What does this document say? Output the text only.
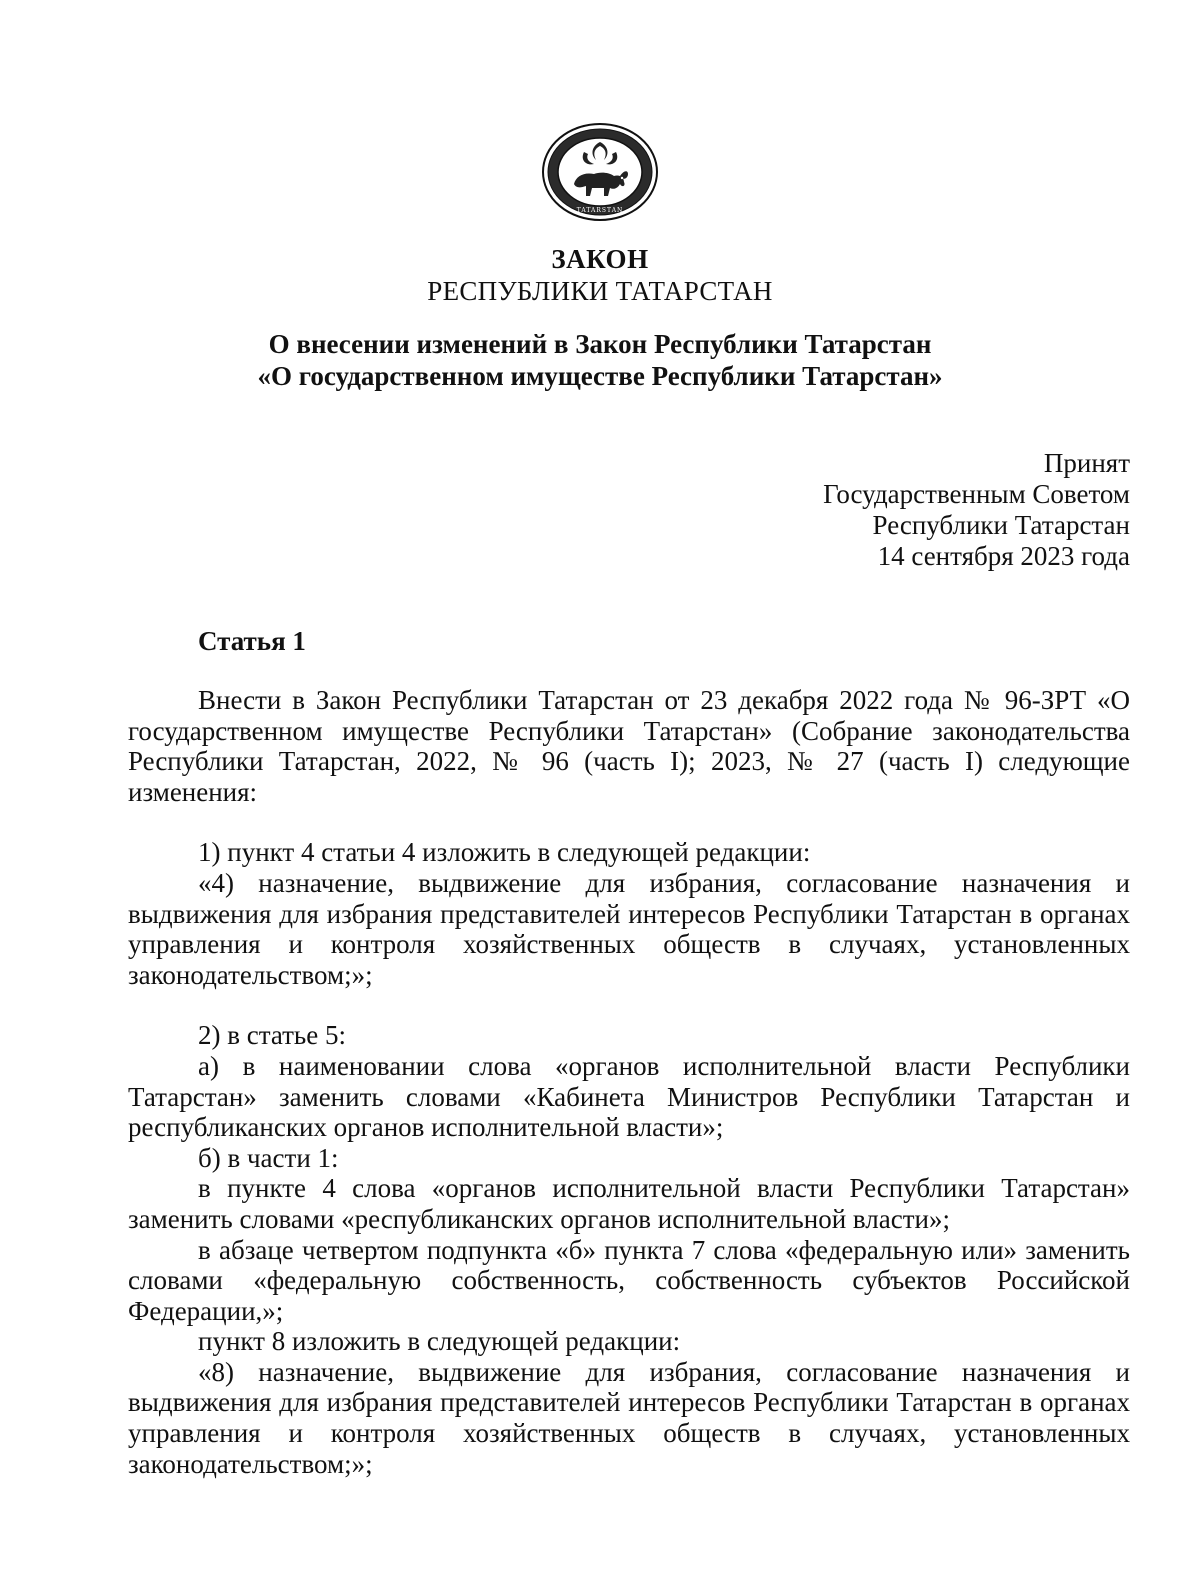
TATARSTAN
ЗАКОН
РЕСПУБЛИКИ ТАТАРСТАН
О внесении изменений в Закон Республики Татарстан
«О государственном имуществе Республики Татарстан»
Принят
Государственным Советом
Республики Татарстан
14 сентября 2023 года
Статья 1

Внести в Закон Республики Татарстан от 23 декабря 2022 года № 96-ЗРТ «О государственном имуществе Республики Татарстан» (Собрание законодательства Республики Татарстан, 2022, № 96 (часть I); 2023, № 27 (часть I) следующие изменения:

1) пункт 4 статьи 4 изложить в следующей редакции:

«4) назначение, выдвижение для избрания, согласование назначения и выдвижения для избрания представителей интересов Республики Татарстан в органах управления и контроля хозяйственных обществ в случаях, установленных законодательством;»;

2) в статье 5:

а) в наименовании слова «органов исполнительной власти Республики Татарстан» заменить словами «Кабинета Министров Республики Татарстан и республиканских органов исполнительной власти»;

б) в части 1:

в пункте 4 слова «органов исполнительной власти Республики Татарстан» заменить словами «республиканских органов исполнительной власти»;

в абзаце четвертом подпункта «б» пункта 7 слова «федеральную или» заменить словами «федеральную собственность, собственность субъектов Российской Федерации,»;

пункт 8 изложить в следующей редакции:

«8) назначение, выдвижение для избрания, согласование назначения и выдвижения для избрания представителей интересов Республики Татарстан в органах управления и контроля хозяйственных обществ в случаях, установленных законодательством;»;
